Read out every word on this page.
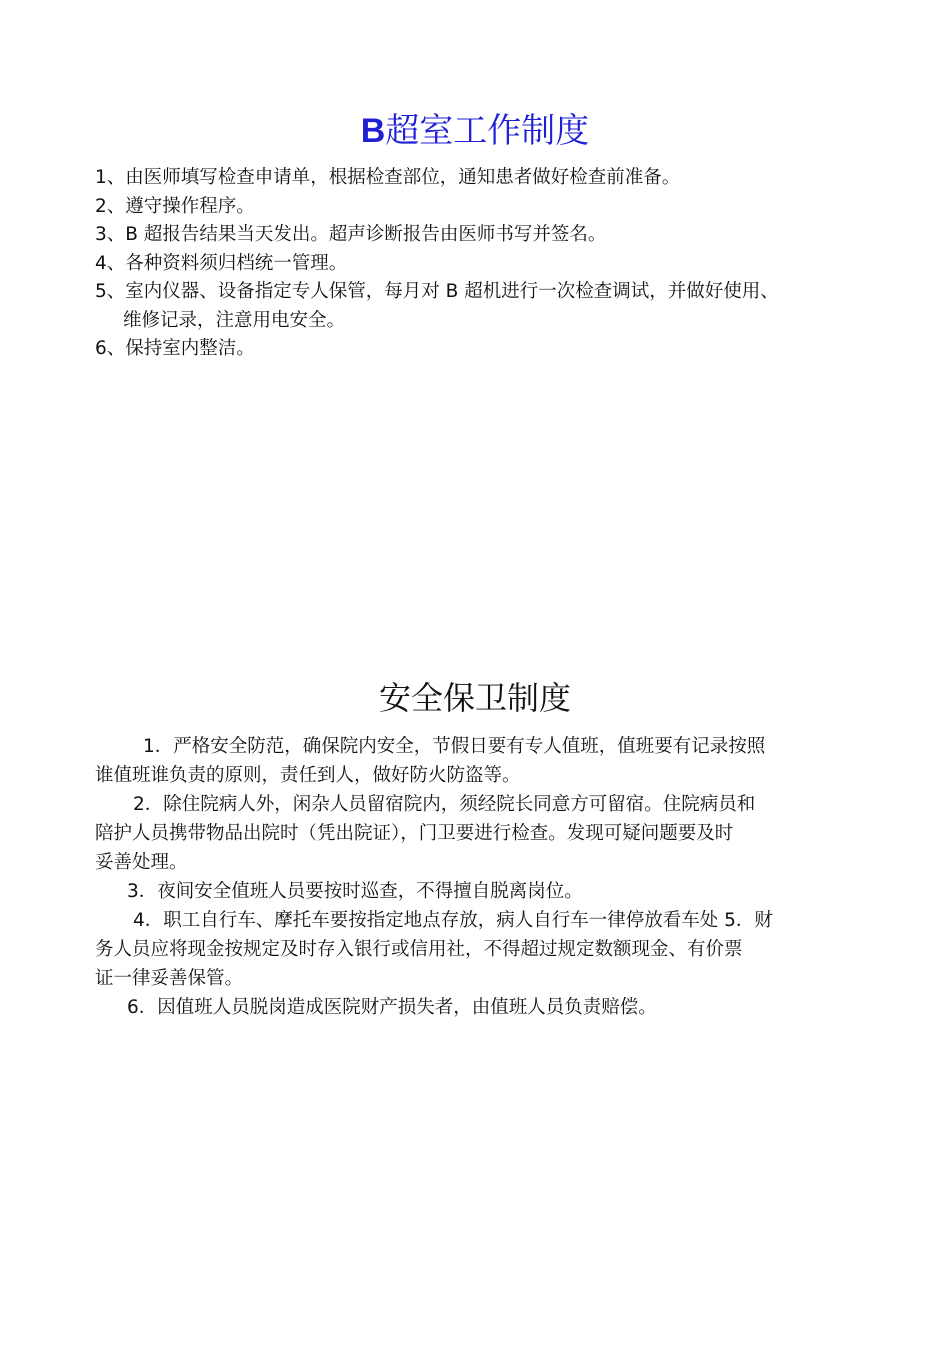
B超室工作制度
1、由医师填写检查申请单，根据检查部位，通知患者做好检查前准备。
2、遵守操作程序。
3、B 超报告结果当天发出。超声诊断报告由医师书写并签名。
4、各种资料须归档统一管理。
5、室内仪器、设备指定专人保管，每月对 B 超机进行一次检查调试，并做好使用、
维修记录，注意用电安全。
6、保持室内整洁。
安全保卫制度
1．严格安全防范，确保院内安全，节假日要有专人值班，值班要有记录按照
谁值班谁负责的原则，责任到人，做好防火防盗等。
2．除住院病人外，闲杂人员留宿院内，须经院长同意方可留宿。住院病员和
陪护人员携带物品出院时（凭出院证），门卫要进行检查。发现可疑问题要及时
妥善处理。
3．夜间安全值班人员要按时巡查，不得擅自脱离岗位。
4．职工自行车、摩托车要按指定地点存放，病人自行车一律停放看车处 5．财
务人员应将现金按规定及时存入银行或信用社，不得超过规定数额现金、有价票
证一律妥善保管。
6．因值班人员脱岗造成医院财产损失者，由值班人员负责赔偿。
